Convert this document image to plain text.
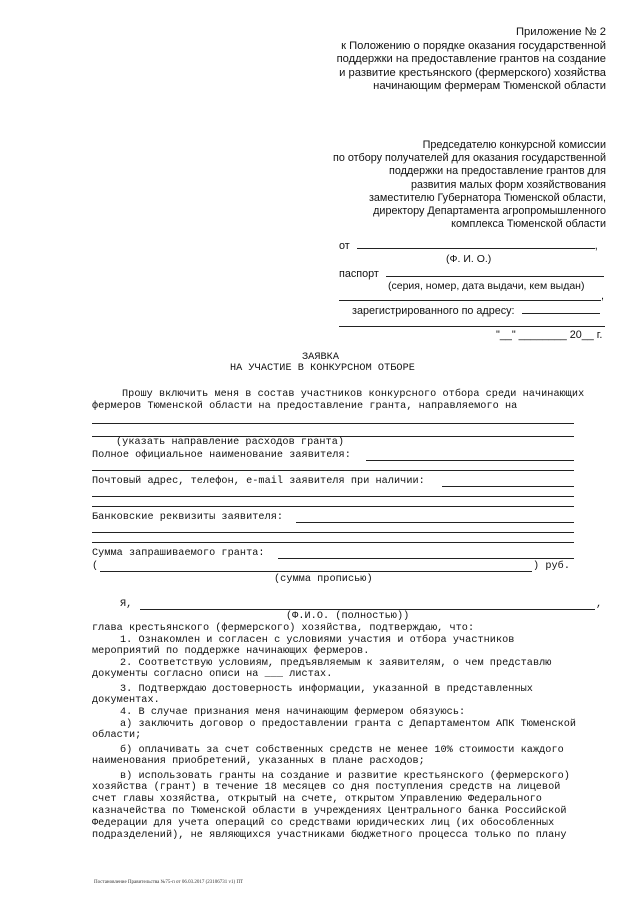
Приложение № 2
к Положению о порядке оказания государственной
поддержки на предоставление грантов на создание
и развитие крестьянского (фермерского) хозяйства
начинающим фермерам Тюменской области
Председателю конкурсной комиссии
по отбору получателей для оказания государственной
поддержки на предоставление грантов для
развития малых форм хозяйствования
заместителю Губернатора Тюменской области,
директору Департамента агропромышленного
комплекса Тюменской области
от	,
(Ф. И. О.)
паспорт
(серия, номер, дата выдачи, кем выдан)
,
зарегистрированного по адресу:
"__" ________ 20__ г.
ЗАЯВКА
НА УЧАСТИЕ В КОНКУРСНОМ ОТБОРЕ
Прошу включить меня в состав участников конкурсного отбора среди начинающих
фермеров Тюменской области на предоставление гранта, направляемого на
(указать направление расходов гранта)
Полное официальное наименование заявителя:
Почтовый адрес, телефон, e-mail заявителя при наличии:
Банковские реквизиты заявителя:
Сумма запрашиваемого гранта:
(	) руб.
(сумма прописью)
Я,	,
(Ф.И.О. (полностью))
глава крестьянского (фермерского) хозяйства, подтверждаю, что:
1. Ознакомлен и согласен с условиями участия и отбора участников
мероприятий по поддержке начинающих фермеров.
2. Соответствую условиям, предъявляемым к заявителям, о чем представлю
документы согласно описи на ___ листах.
3. Подтверждаю достоверность информации, указанной в представленных
документах.
4. В случае признания меня начинающим фермером обязуюсь:
а) заключить договор о предоставлении гранта с Департаментом АПК Тюменской
области;
б) оплачивать за счет собственных средств не менее 10% стоимости каждого
наименования приобретений, указанных в плане расходов;
в) использовать гранты на создание и развитие крестьянского (фермерского)
хозяйства (грант) в течение 18 месяцев со дня поступления средств на лицевой
счет главы хозяйства, открытый на счете, открытом Управлению Федерального
казначейства по Тюменской области в учреждениях Центрального банка Российской
Федерации для учета операций со средствами юридических лиц (их обособленных
подразделений), не являющихся участниками бюджетного процесса только по плану
Постановление Правительства №75-п от 06.03.2017 (23106731 v1) ПТ
